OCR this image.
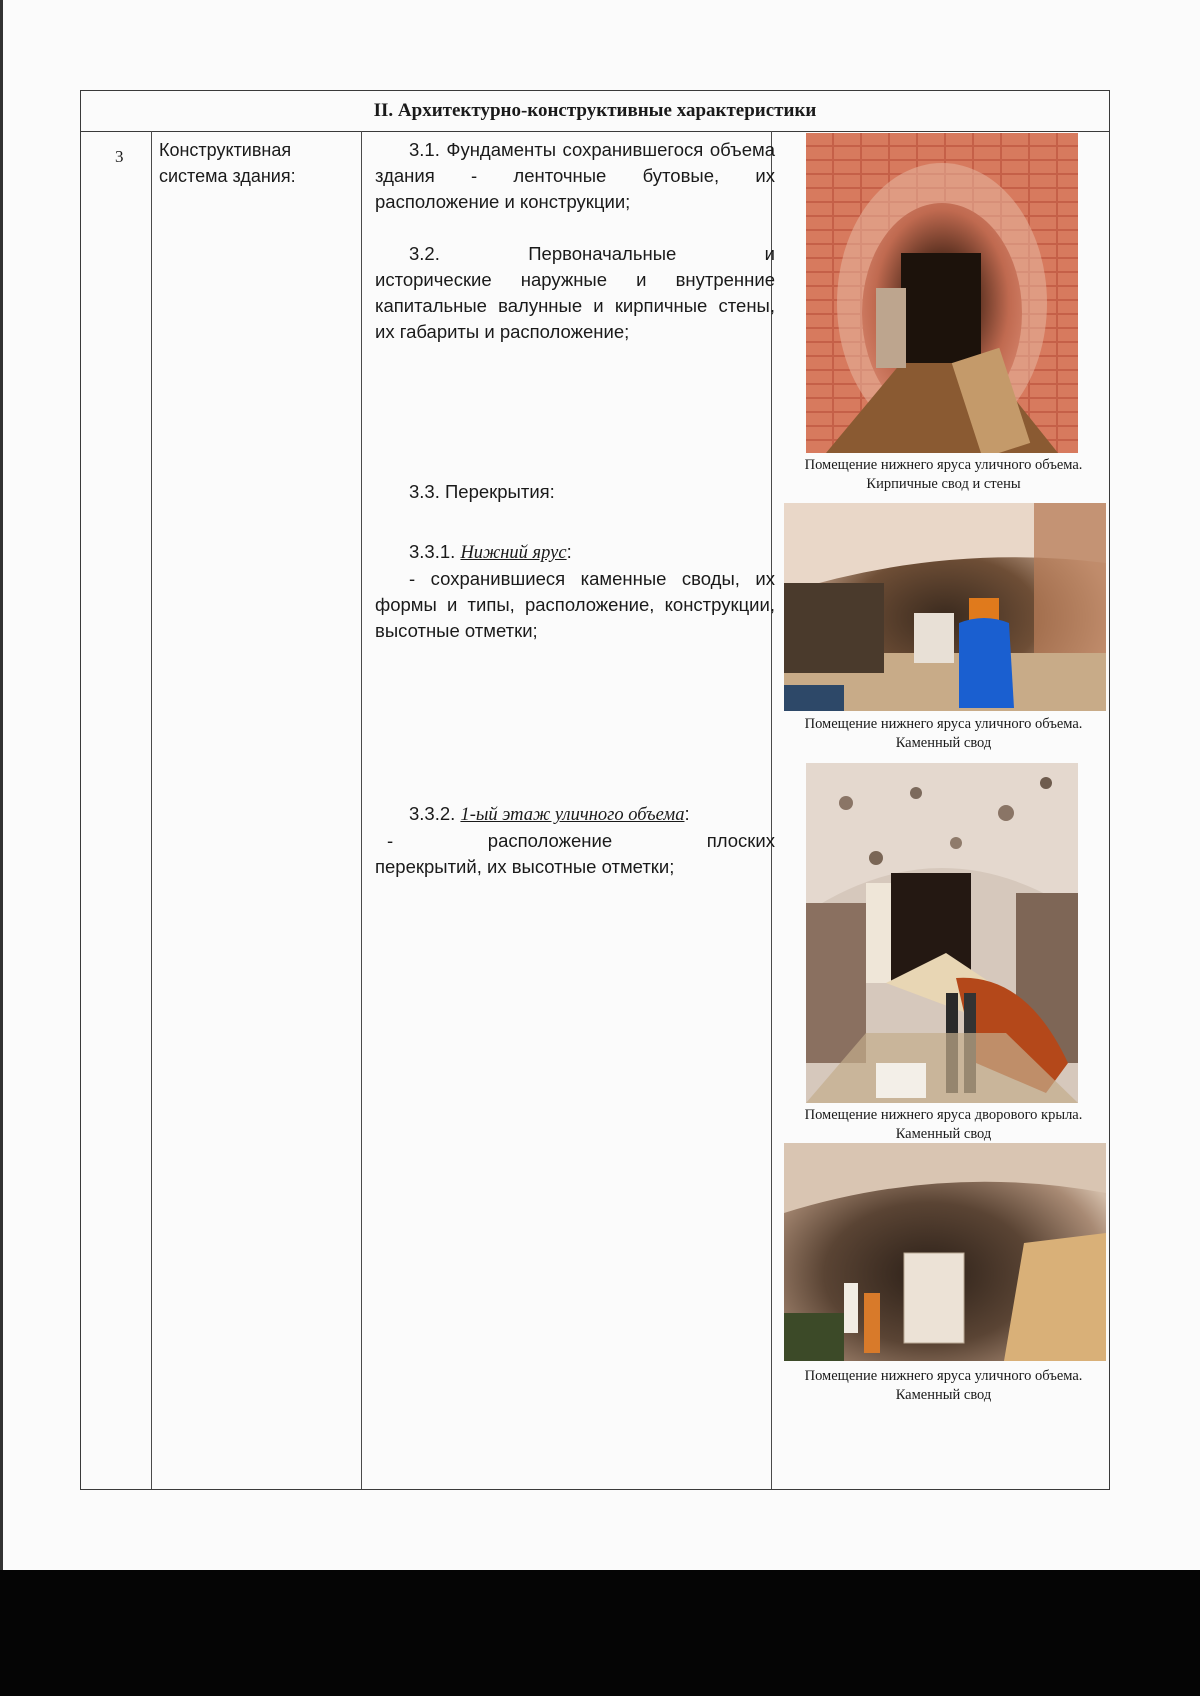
II. Архитектурно-конструктивные характеристики
3 Конструктивная
система здания:

3.1. Фундаменты сохранившегося объема здания - ленточные бутовые, их расположение и конструкции;

3.2.	Первоначальные	и

исторические наружные и внутренние капитальные валунные и кирпичные стены, их габариты и расположение;

3.3. Перекрытия:

3.3.1. Нижний ярус:

- сохранившиеся каменные своды, их формы и типы, расположение, конструкции, высотные отметки;

3.3.2. 1-ый этаж уличного объема:

-	расположение	плоских

перекрытий, их высотные отметки;

Помещение нижнего яруса уличного объема. Кирпичные свод и стены
Помещение нижнего яруса уличного объема. Каменный свод
Помещение нижнего яруса дворового крыла. Каменный свод
Помещение нижнего яруса уличного объема. Каменный свод
